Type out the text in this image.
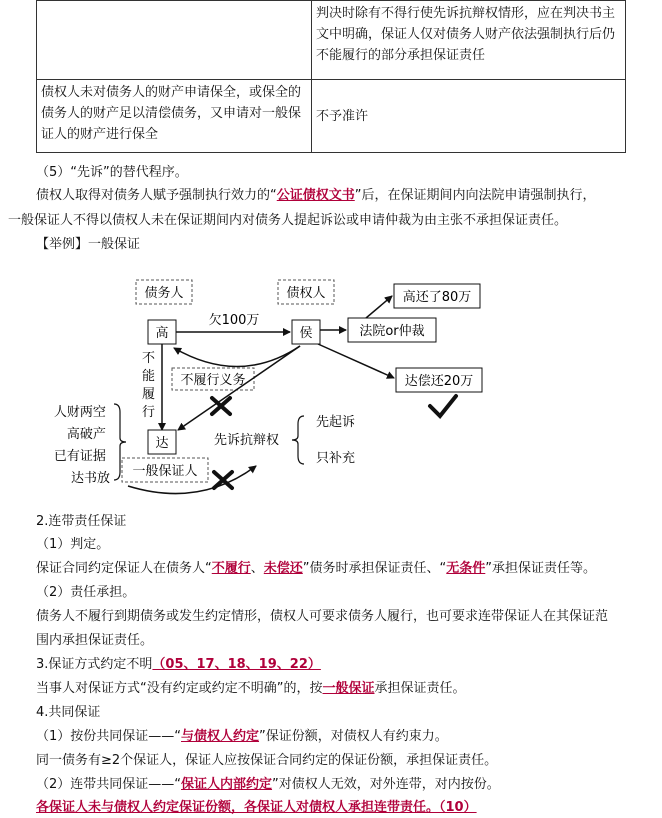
	判决时除有不得行使先诉抗辩权情形，应在判决书主文中明确，保证人仅对债务人财产依法强制执行后仍不能履行的部分承担保证责任
债权人未对债务人的财产申请保全，或保全的债务人的财产足以清偿债务，又申请对一般保证人的财产进行保全	不予准许
（5）“先诉”的替代程序。
债权人取得对债务人赋予强制执行效力的“公证债权文书”后，在保证期间内向法院申请强制执行，
一般保证人不得以债权人未在保证期间内对债务人提起诉讼或申请仲裁为由主张不承担保证责任。
【举例】一般保证
债务人	债权人
高	侯
欠100万
法院or仲裁
高还了80万
达偿还20万
不履行义务
不 能 履 行
达
一般保证人
人财两空 高破产 已有证据 达书放
先诉抗辩权
先起诉
只补充
2.连带责任保证
（1）判定。
保证合同约定保证人在债务人“不履行、未偿还”债务时承担保证责任、“无条件”承担保证责任等。
（2）责任承担。
债务人不履行到期债务或发生约定情形，债权人可要求债务人履行，也可要求连带保证人在其保证范
围内承担保证责任。
3.保证方式约定不明（05、17、18、19、22）
当事人对保证方式“没有约定或约定不明确”的，按一般保证承担保证责任。
4.共同保证
（1）按份共同保证——“与债权人约定”保证份额，对债权人有约束力。
同一债务有≥2个保证人，保证人应按保证合同约定的保证份额，承担保证责任。
（2）连带共同保证——“保证人内部约定”对债权人无效，对外连带，对内按份。
各保证人未与债权人约定保证份额，各保证人对债权人承担连带责任。（10）
